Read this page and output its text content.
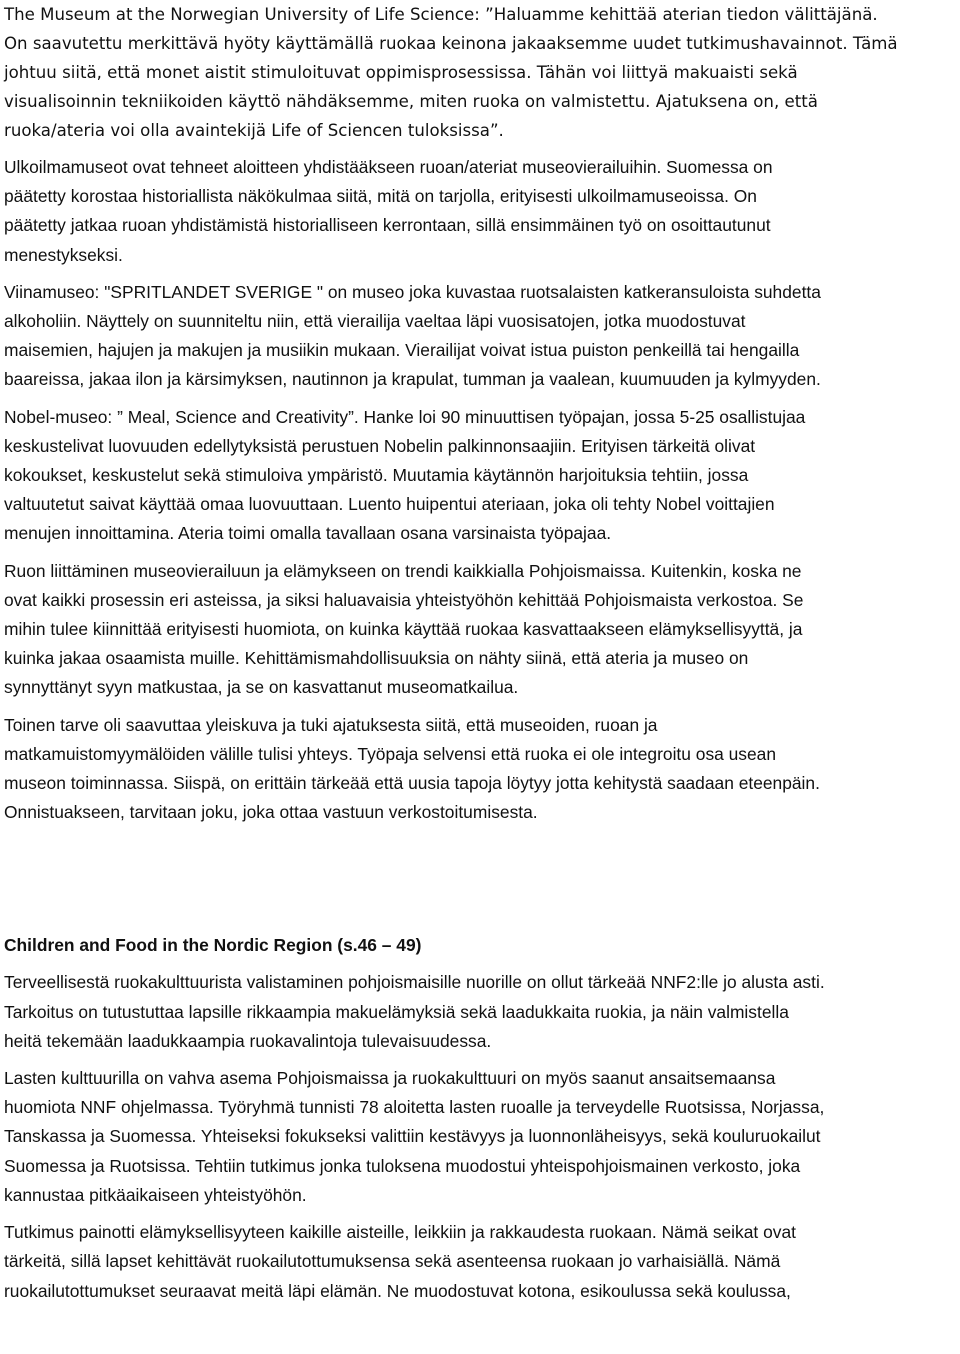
The Museum at the Norwegian University of Life Science: ”Haluamme kehittää aterian tiedon välittäjänä.
On saavutettu merkittävä hyöty käyttämällä ruokaa keinona jakaaksemme uudet tutkimushavainnot. Tämä
johtuu siitä, että monet aistit stimuloituvat oppimisprosessissa. Tähän voi liittyä makuaisti sekä
visualisoinnin tekniikoiden käyttö nähdäksemme, miten ruoka on valmistettu. Ajatuksena on, että
ruoka/ateria voi olla avaintekijä Life of Sciencen tuloksissa”.

Ulkoilmamuseot ovat tehneet aloitteen yhdistääkseen ruoan/ateriat museovierailuihin. Suomessa on
päätetty korostaa historiallista näkökulmaa siitä, mitä on tarjolla, erityisesti ulkoilmamuseoissa. On
päätetty jatkaa ruoan yhdistämistä historialliseen kerrontaan, sillä ensimmäinen työ on osoittautunut
menestykseksi.

Viinamuseo: "SPRITLANDET SVERIGE " on museo joka kuvastaa ruotsalaisten katkeransuloista suhdetta
alkoholiin. Näyttely on suunniteltu niin, että vierailija vaeltaa läpi vuosisatojen, jotka muodostuvat
maisemien, hajujen ja makujen ja musiikin mukaan. Vierailijat voivat istua puiston penkeillä tai hengailla
baareissa, jakaa ilon ja kärsimyksen, nautinnon ja krapulat, tumman ja vaalean, kuumuuden ja kylmyyden.

Nobel-museo: ” Meal, Science and Creativity”. Hanke loi 90 minuuttisen työpajan, jossa 5-25 osallistujaa
keskustelivat luovuuden edellytyksistä perustuen Nobelin palkinnonsaajiin. Erityisen tärkeitä olivat
kokoukset, keskustelut sekä stimuloiva ympäristö. Muutamia käytännön harjoituksia tehtiin, jossa
valtuutetut saivat käyttää omaa luovuuttaan. Luento huipentui ateriaan, joka oli tehty Nobel voittajien
menujen innoittamina. Ateria toimi omalla tavallaan osana varsinaista työpajaa.

Ruon liittäminen museovierailuun ja elämykseen on trendi kaikkialla Pohjoismaissa. Kuitenkin, koska ne
ovat kaikki prosessin eri asteissa, ja siksi haluavaisia yhteistyöhön kehittää Pohjoismaista verkostoa. Se
mihin tulee kiinnittää erityisesti huomiota, on kuinka käyttää ruokaa kasvattaakseen elämyksellisyyttä, ja
kuinka jakaa osaamista muille. Kehittämismahdollisuuksia on nähty siinä, että ateria ja museo on
synnyttänyt syyn matkustaa, ja se on kasvattanut museomatkailua.

Toinen tarve oli saavuttaa yleiskuva ja tuki ajatuksesta siitä, että museoiden, ruoan ja
matkamuistomyymälöiden välille tulisi yhteys. Työpaja selvensi että ruoka ei ole integroitu osa usean
museon toiminnassa. Siispä, on erittäin tärkeää että uusia tapoja löytyy jotta kehitystä saadaan eteenpäin.
Onnistuakseen, tarvitaan joku, joka ottaa vastuun verkostoitumisesta.

Children and Food in the Nordic Region (s.46 – 49)

Terveellisestä ruokakulttuurista valistaminen pohjoismaisille nuorille on ollut tärkeää NNF2:lle jo alusta asti.
Tarkoitus on tutustuttaa lapsille rikkaampia makuelämyksiä sekä laadukkaita ruokia, ja näin valmistella
heitä tekemään laadukkaampia ruokavalintoja tulevaisuudessa.

Lasten kulttuurilla on vahva asema Pohjoismaissa ja ruokakulttuuri on myös saanut ansaitsemaansa
huomiota NNF ohjelmassa. Työryhmä tunnisti 78 aloitetta lasten ruoalle ja terveydelle Ruotsissa, Norjassa,
Tanskassa ja Suomessa. Yhteiseksi fokukseksi valittiin kestävyys ja luonnonläheisyys, sekä kouluruokailut
Suomessa ja Ruotsissa. Tehtiin tutkimus jonka tuloksena muodostui yhteispohjoismainen verkosto, joka
kannustaa pitkäaikaiseen yhteistyöhön.

Tutkimus painotti elämyksellisyyteen kaikille aisteille, leikkiin ja rakkaudesta ruokaan. Nämä seikat ovat
tärkeitä, sillä lapset kehittävät ruokailutottumuksensa sekä asenteensa ruokaan jo varhaisiällä. Nämä
ruokailutottumukset seuraavat meitä läpi elämän. Ne muodostuvat kotona, esikoulussa sekä koulussa,
